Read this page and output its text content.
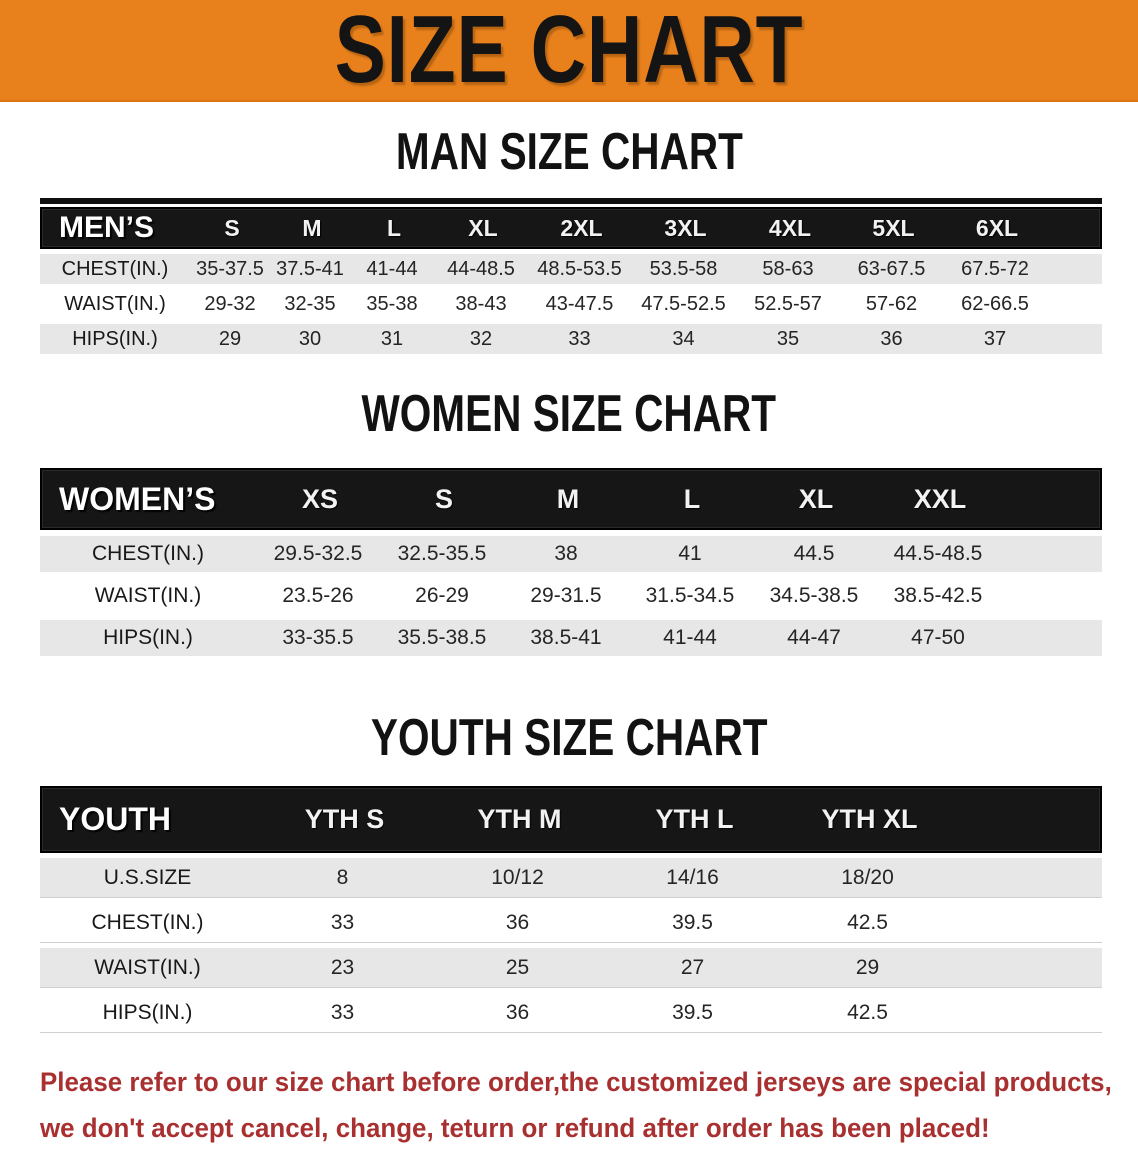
SIZE CHART
MAN SIZE CHART
MEN’S	S	M	L	XL	2XL	3XL	4XL	5XL	6XL
CHEST(IN.)	35-37.5 37.5-41	41-44	44-48.5	48.5-53.5	53.5-58	58-63	63-67.5	67.5-72
WAIST(IN.)	29-32	32-35	35-38	38-43	43-47.5	47.5-52.5	52.5-57	57-62	62-66.5
HIPS(IN.)	29	30	31	32	33	34	35	36	37
WOMEN SIZE CHART
WOMEN’S	XS	S	M	L	XL	XXL
CHEST(IN.)	29.5-32.5	32.5-35.5	38	41	44.5	44.5-48.5
WAIST(IN.)	23.5-26	26-29	29-31.5	31.5-34.5	34.5-38.5	38.5-42.5
HIPS(IN.)	33-35.5	35.5-38.5	38.5-41	41-44	44-47	47-50
YOUTH SIZE CHART
YOUTH	YTH S	YTH M	YTH L	YTH XL
U.S.SIZE	8	10/12	14/16	18/20
CHEST(IN.)	33	36	39.5	42.5
WAIST(IN.)	23	25	27	29
HIPS(IN.)	33	36	39.5	42.5
Please refer to our size chart before order,the customized jerseys are special products,
we don't accept cancel, change, teturn or refund after order has been placed!
